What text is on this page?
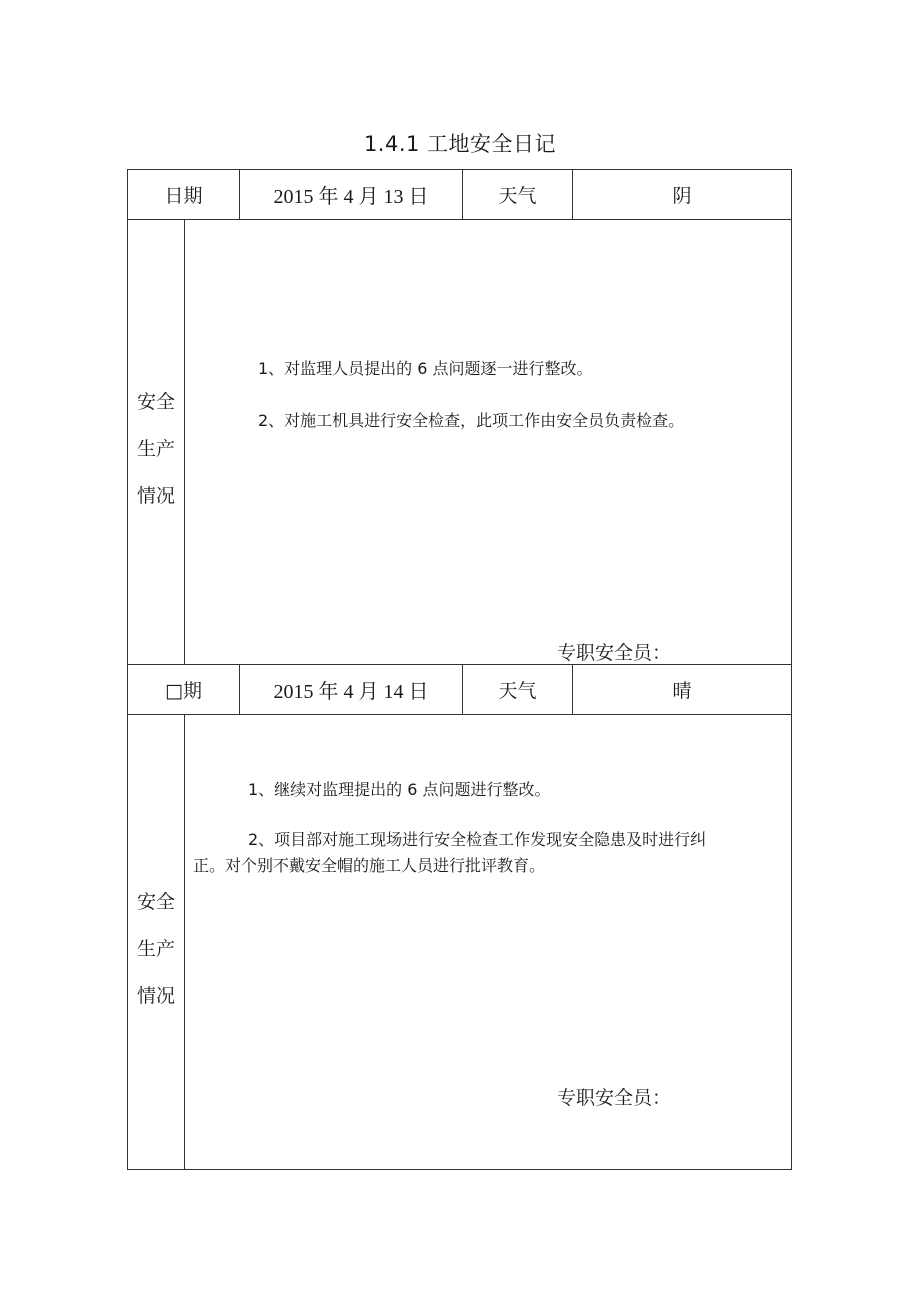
1.4.1 工地安全日记
日期	2015 年 4 月 13 日	天气	阴
安全
生产
情况
1、对监理人员提出的 6 点问题逐一进行整改。
2、对施工机具进行安全检查，此项工作由安全员负责检查。
专职安全员：
□期	2015 年 4 月 14 日	天气	晴
安全
生产
情况
1、继续对监理提出的 6 点问题进行整改。
2、项目部对施工现场进行安全检查工作发现安全隐患及时进行纠
正。对个别不戴安全帽的施工人员进行批评教育。
专职安全员：
